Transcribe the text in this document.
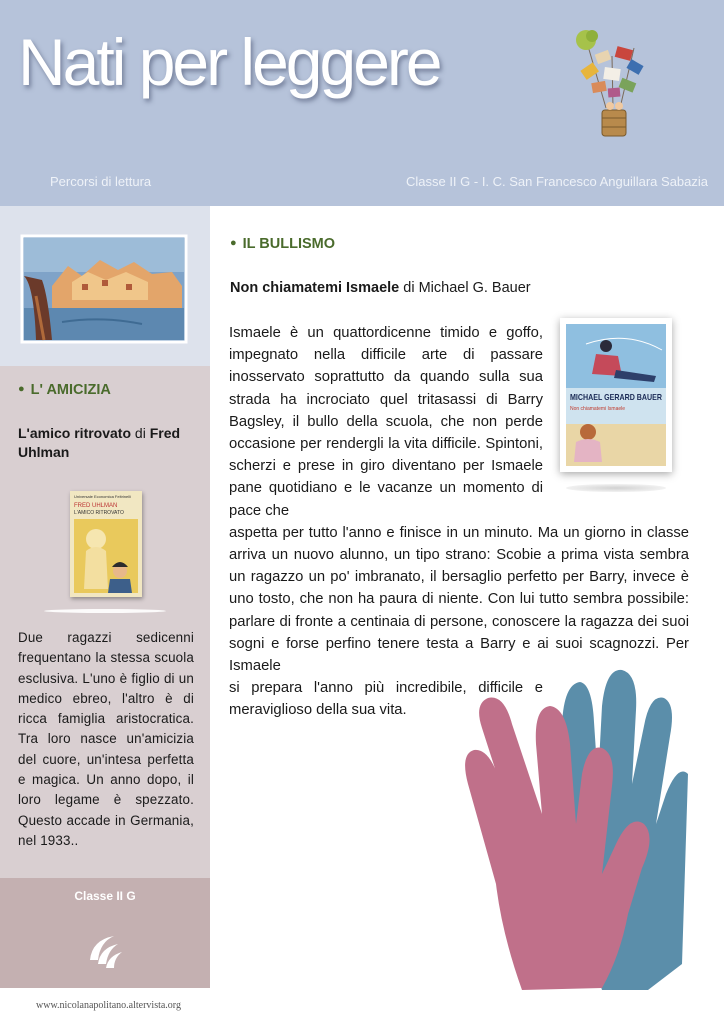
Nati per leggere
Percorsi di lettura	Classe II G - I. C. San Francesco Anguillara Sabazia
● L' AMICIZIA
L'amico ritrovato di Fred Uhlman
Universale Economica Feltrinelli
FRED UHLMAN
L'AMICO RITROVATO
Due ragazzi sedicenni frequentano la stessa scuola esclusiva. L'uno è figlio di un medico ebreo, l'altro è di ricca famiglia aristocratica. Tra loro nasce un'amicizia del cuore, un'intesa perfetta e magica. Un anno dopo, il loro legame è spezzato. Questo accade in Germania, nel 1933..
Classe II G
www.nicolanapolitano.altervista.org
● IL BULLISMO
Non chiamatemi Ismaele di Michael G. Bauer
MICHAEL GERARD BAUER
Non chiamatemi Ismaele

Ismaele è un quattordicenne timido e goffo, impegnato nella difficile arte di passare inosservato soprattutto da quando sulla sua strada ha incrociato quel tritasassi di Barry Bagsley, il bullo della scuola, che non perde occasione per rendergli la vita difficile. Spintoni, scherzi e prese in giro diventano per Ismaele pane quotidiano e le vacanze un momento di pace che

aspetta per tutto l'anno e finisce in un minuto. Ma un giorno in classe arriva un nuovo alunno, un tipo strano: Scobie a prima vista sembra un ragazzo un po' imbranato, il bersaglio perfetto per Barry, invece è uno tosto, che non ha paura di niente. Con lui tutto sembra possibile: parlare di fronte a centinaia di persone, conoscere la ragazza dei suoi sogni e forse perfino tenere testa a Barry e ai suoi scagnozzi. Per Ismaele

si prepara l'anno più incredibile, difficile e meraviglioso della sua vita.
